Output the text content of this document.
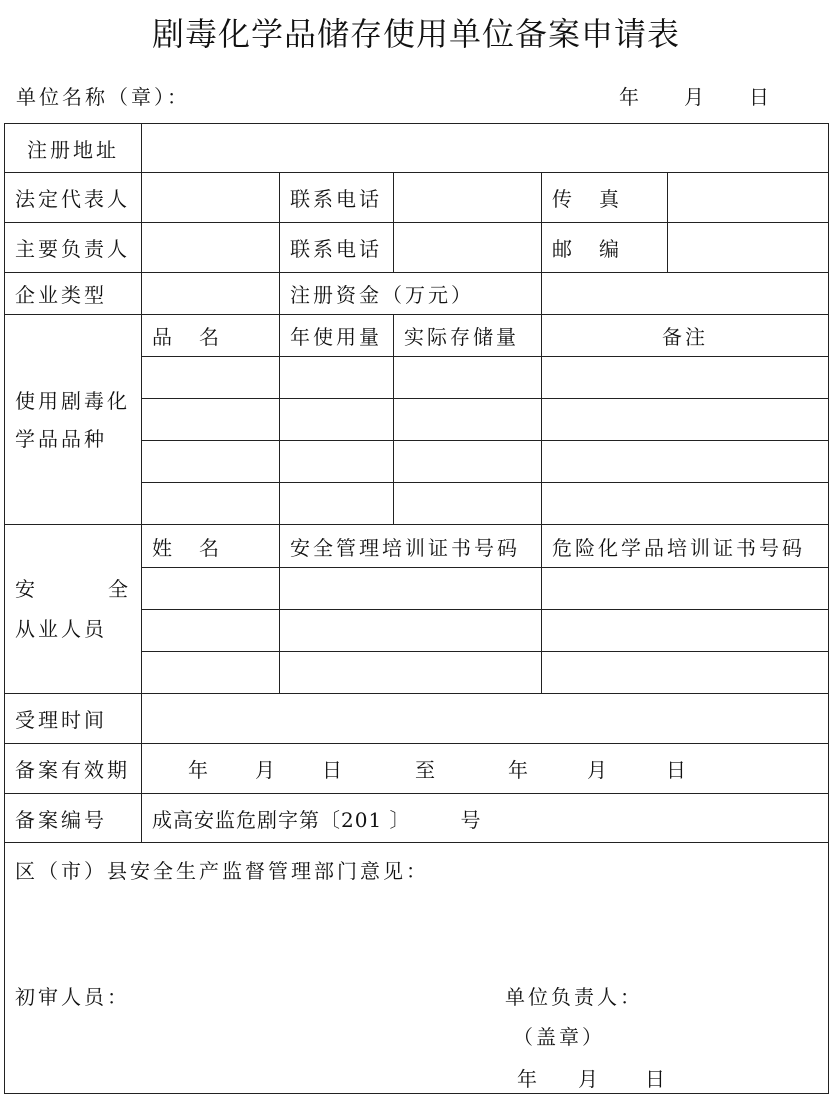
剧毒化学品储存使用单位备案申请表
单位名称（章）：	年 月 日
注册地址					
法定代表人		联系电话		传 真	
主要负责人		联系电话		邮 编	
企业类型		注册资金（万元）			

使用剧毒化学品品种	品 名	年使用量	实际存储量	备注	

安 全
从业人员	姓 名	安全管理培训证书号码		危险化学品培训证书号码	

受理时间					
备案有效期	年 月 日 至 年 月 日				
备案编号	成高安监危剧字第〔201 〕 号				

区（市）县安全生产监督管理部门意见：
初审人员： 单位负责人：
（盖章）
年 月 日					
